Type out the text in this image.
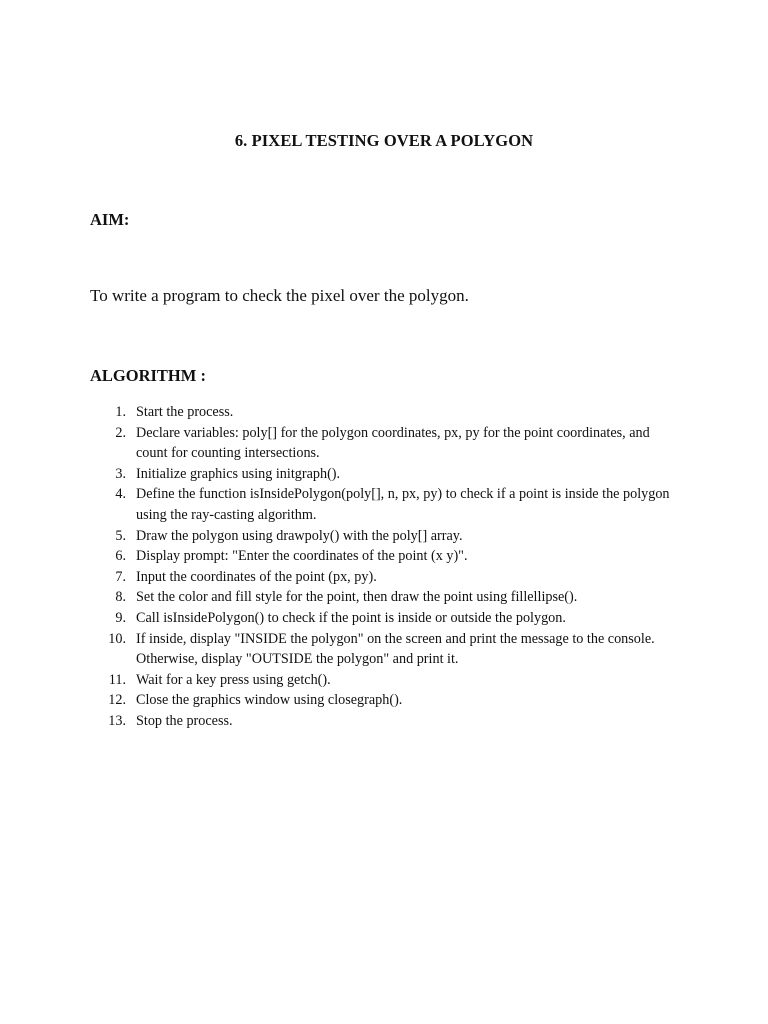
6. PIXEL TESTING OVER A POLYGON
AIM:
To write a program to check the pixel over the polygon.
ALGORITHM :
1. Start the process.
2. Declare variables: poly[] for the polygon coordinates, px, py for the point coordinates, and count for counting intersections.
3. Initialize graphics using initgraph().
4. Define the function isInsidePolygon(poly[], n, px, py) to check if a point is inside the polygon using the ray-casting algorithm.
5. Draw the polygon using drawpoly() with the poly[] array.
6. Display prompt: "Enter the coordinates of the point (x y)".
7. Input the coordinates of the point (px, py).
8. Set the color and fill style for the point, then draw the point using fillellipse().
9. Call isInsidePolygon() to check if the point is inside or outside the polygon.
10. If inside, display "INSIDE the polygon" on the screen and print the message to the console. Otherwise, display "OUTSIDE the polygon" and print it.
11. Wait for a key press using getch().
12. Close the graphics window using closegraph().
13. Stop the process.
